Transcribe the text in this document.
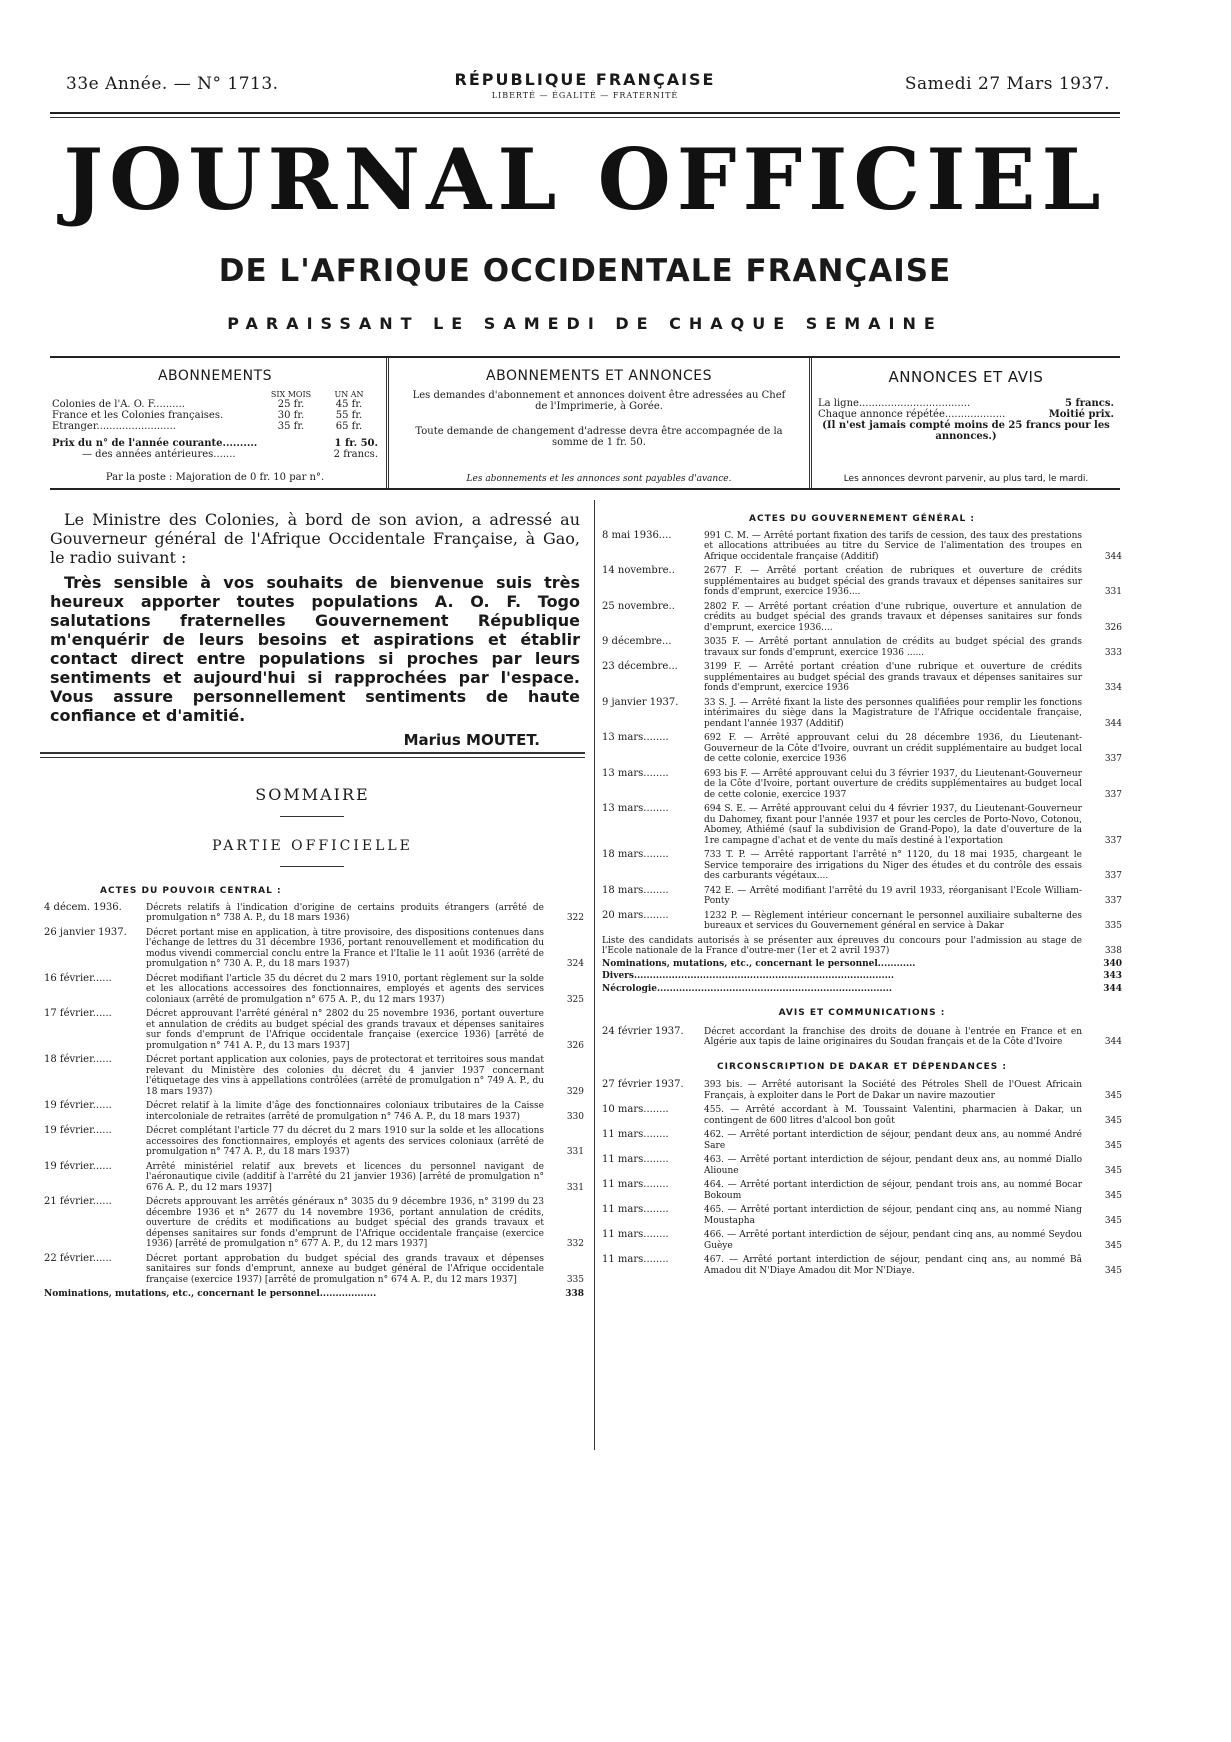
33e Année. — N° 1713.	RÉPUBLIQUE FRANÇAISE
LIBERTÉ — ÉGALITÉ — FRATERNITÉ
Samedi 27 Mars 1937.
JOURNAL OFFICIEL
DE L'AFRIQUE OCCIDENTALE FRANÇAISE
PARAISSANT LE SAMEDI DE CHAQUE SEMAINE
ABONNEMENTS
SIX MOIS	UN AN
Colonies de l'A. O. F..........	25 fr.	45 fr.
France et les Colonies françaises.	30 fr.	55 fr.
Etranger.........................	35 fr.	65 fr.
Prix du n° de l'année courante..........	1 fr. 50.
— des années antérieures.......	2 francs.
Par la poste : Majoration de 0 fr. 10 par n°.
ABONNEMENTS ET ANNONCES
Les demandes d'abonnement et annonces doivent être adressées au Chef de l'Imprimerie, à Gorée.
Toute demande de changement d'adresse devra être accompagnée de la somme de 1 fr. 50.
Les abonnements et les annonces sont payables d'avance.
ANNONCES ET AVIS
La ligne...................................	5 francs.
Chaque annonce répétée...................	Moitié prix.
(Il n'est jamais compté moins de 25 francs pour les annonces.)
Les annonces devront parvenir, au plus tard, le mardi.

Le Ministre des Colonies, à bord de son avion, a adressé au Gouverneur général de l'Afrique Occidentale Française, à Gao, le radio suivant :

Très sensible à vos souhaits de bienvenue suis très heureux apporter toutes populations A. O. F. Togo salutations fraternelles Gouvernement République m'enquérir de leurs besoins et aspirations et établir contact direct entre populations si proches par leurs sentiments et aujourd'hui si rapprochées par l'espace. Vous assure personnellement sentiments de haute confiance et d'amitié.

Marius MOUTET.

SOMMAIRE
PARTIE OFFICIELLE
ACTES DU POUVOIR CENTRAL :
4 décem. 1936.	Décrets relatifs à l'indication d'origine de certains produits étrangers (arrêté de promulgation n° 738 A. P., du 18 mars 1936)	322
26 janvier 1937.	Décret portant mise en application, à titre provisoire, des dispositions contenues dans l'échange de lettres du 31 décembre 1936, portant renouvellement et modification du modus vivendi commercial conclu entre la France et l'Italie le 11 août 1936 (arrêté de promulgation n° 730 A. P., du 18 mars 1937)	324
16 février......	Décret modifiant l'article 35 du décret du 2 mars 1910, portant règlement sur la solde et les allocations accessoires des fonctionnaires, employés et agents des services coloniaux (arrêté de promulgation n° 675 A. P., du 12 mars 1937)	325
17 février......	Décret approuvant l'arrêté général n° 2802 du 25 novembre 1936, portant ouverture et annulation de crédits au budget spécial des grands travaux et dépenses sanitaires sur fonds d'emprunt de l'Afrique occidentale française (exercice 1936) [arrêté de promulgation n° 741 A. P., du 13 mars 1937]	326
18 février......	Décret portant application aux colonies, pays de protectorat et territoires sous mandat relevant du Ministère des colonies du décret du 4 janvier 1937 concernant l'étiquetage des vins à appellations contrôlées (arrêté de promulgation n° 749 A. P., du 18 mars 1937)	329
19 février......	Décret relatif à la limite d'âge des fonctionnaires coloniaux tributaires de la Caisse intercoloniale de retraites (arrêté de promulgation n° 746 A. P., du 18 mars 1937)	330
19 février......	Décret complétant l'article 77 du décret du 2 mars 1910 sur la solde et les allocations accessoires des fonctionnaires, employés et agents des services coloniaux (arrêté de promulgation n° 747 A. P., du 18 mars 1937)	331
19 février......	Arrêté ministériel relatif aux brevets et licences du personnel navigant de l'aéronautique civile (additif à l'arrêté du 21 janvier 1936) [arrêté de promulgation n° 676 A. P., du 12 mars 1937]	331
21 février......	Décrets approuvant les arrêtés généraux n° 3035 du 9 décembre 1936, n° 3199 du 23 décembre 1936 et n° 2677 du 14 novembre 1936, portant annulation de crédits, ouverture de crédits et modifications au budget spécial des grands travaux et dépenses sanitaires sur fonds d'emprunt de l'Afrique occidentale française (exercice 1936) [arrêté de promulgation n° 677 A. P., du 12 mars 1937]	332
22 février......	Décret portant approbation du budget spécial des grands travaux et dépenses sanitaires sur fonds d'emprunt, annexe au budget général de l'Afrique occidentale française (exercice 1937) [arrêté de promulgation n° 674 A. P., du 12 mars 1937]	335
Nominations, mutations, etc., concernant le personnel..................	338
ACTES DU GOUVERNEMENT GÉNÉRAL :
8 mai 1936....	991 C. M. — Arrêté portant fixation des tarifs de cession, des taux des prestations et allocations attribuées au titre du Service de l'alimentation des troupes en Afrique occidentale française (Additif)	344
14 novembre..	2677 F. — Arrêté portant création de rubriques et ouverture de crédits supplémentaires au budget spécial des grands travaux et dépenses sanitaires sur fonds d'emprunt, exercice 1936....	331
25 novembre..	2802 F. — Arrêté portant création d'une rubrique, ouverture et annulation de crédits au budget spécial des grands travaux et dépenses sanitaires sur fonds d'emprunt, exercice 1936....	326
9 décembre...	3035 F. — Arrêté portant annulation de crédits au budget spécial des grands travaux sur fonds d'emprunt, exercice 1936 ......	333
23 décembre...	3199 F. — Arrêté portant création d'une rubrique et ouverture de crédits supplémentaires au budget spécial des grands travaux et dépenses sanitaires sur fonds d'emprunt, exercice 1936	334
9 janvier 1937.	33 S. J. — Arrêté fixant la liste des personnes qualifiées pour remplir les fonctions intérimaires du siège dans la Magistrature de l'Afrique occidentale française, pendant l'année 1937 (Additif)	344
13 mars........	692 F. — Arrêté approuvant celui du 28 décembre 1936, du Lieutenant-Gouverneur de la Côte d'Ivoire, ouvrant un crédit supplémentaire au budget local de cette colonie, exercice 1936	337
13 mars........	693 bis F. — Arrêté approuvant celui du 3 février 1937, du Lieutenant-Gouverneur de la Côte d'Ivoire, portant ouverture de crédits supplémentaires au budget local de cette colonie, exercice 1937	337
13 mars........	694 S. E. — Arrêté approuvant celui du 4 février 1937, du Lieutenant-Gouverneur du Dahomey, fixant pour l'année 1937 et pour les cercles de Porto-Novo, Cotonou, Abomey, Athiémé (sauf la subdivision de Grand-Popo), la date d'ouverture de la 1re campagne d'achat et de vente du maïs destiné à l'exportation	337
18 mars........	733 T. P. — Arrêté rapportant l'arrêté n° 1120, du 18 mai 1935, chargeant le Service temporaire des irrigations du Niger des études et du contrôle des essais des carburants végétaux....	337
18 mars........	742 E. — Arrêté modifiant l'arrêté du 19 avril 1933, réorganisant l'Ecole William-Ponty	337
20 mars........	1232 P. — Règlement intérieur concernant le personnel auxiliaire subalterne des bureaux et services du Gouvernement général en service à Dakar	335
Liste des candidats autorisés à se présenter aux épreuves du concours pour l'admission au stage de l'Ecole nationale de la France d'outre-mer (1er et 2 avril 1937)	338
Nominations, mutations, etc., concernant le personnel............	340
Divers...................................................................................	343
Nécrologie...........................................................................	344
AVIS ET COMMUNICATIONS :
24 février 1937.	Décret accordant la franchise des droits de douane à l'entrée en France et en Algérie aux tapis de laine originaires du Soudan français et de la Côte d'Ivoire	344
CIRCONSCRIPTION DE DAKAR ET DÉPENDANCES :
27 février 1937.	393 bis. — Arrêté autorisant la Société des Pétroles Shell de l'Ouest Africain Français, à exploiter dans le Port de Dakar un navire mazoutier	345
10 mars........	455. — Arrêté accordant à M. Toussaint Valentini, pharmacien à Dakar, un contingent de 600 litres d'alcool bon goût	345
11 mars........	462. — Arrêté portant interdiction de séjour, pendant deux ans, au nommé André Sare	345
11 mars........	463. — Arrêté portant interdiction de séjour, pendant deux ans, au nommé Diallo Alioune	345
11 mars........	464. — Arrêté portant interdiction de séjour, pendant trois ans, au nommé Bocar Bokoum	345
11 mars........	465. — Arrêté portant interdiction de séjour, pendant cinq ans, au nommé Niang Moustapha	345
11 mars........	466. — Arrêté portant interdiction de séjour, pendant cinq ans, au nommé Seydou Guèye	345
11 mars........	467. — Arrêté portant interdiction de séjour, pendant cinq ans, au nommé Bâ Amadou dit N'Diaye Amadou dit Mor N'Diaye.	345
